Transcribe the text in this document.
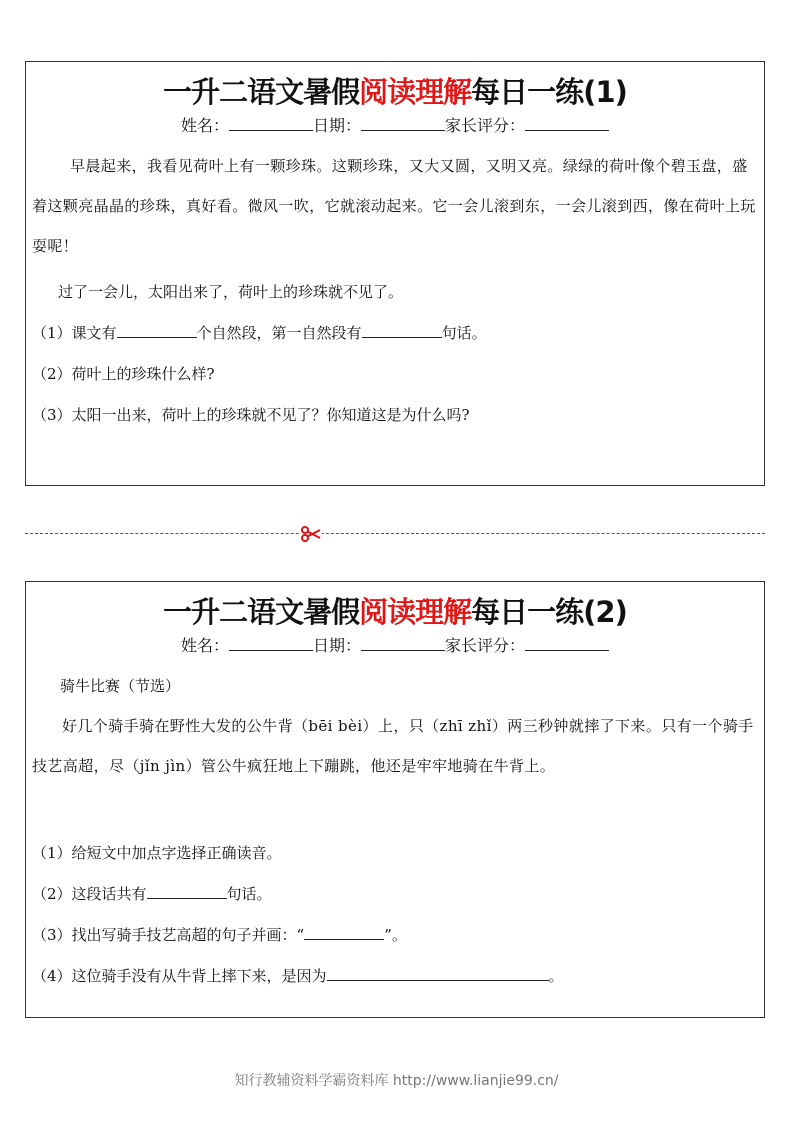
一升二语文暑假阅读理解每日一练(1)
姓名：	日期：	家长评分：

早晨起来，我看见荷叶上有一颗珍珠。这颗珍珠，又大又圆，又明又亮。绿绿的荷叶像个碧玉盘，盛着这颗亮晶晶的珍珠，真好看。微风一吹，它就滚动起来。它一会儿滚到东，一会儿滚到西，像在荷叶上玩耍呢！

过了一会儿，太阳出来了，荷叶上的珍珠就不见了。
（1）课文有	个自然段，第一自然段有	句话。
（2）荷叶上的珍珠什么样?
（3）太阳一出来，荷叶上的珍珠就不见了？你知道这是为什么吗?
一升二语文暑假阅读理解每日一练(2)
姓名：	日期：	家长评分：
骑牛比赛（节选）

好几个骑手骑在野性大发的公牛背（bēi bèi）上，只（zhī zhǐ）两三秒钟就摔了下来。只有一个骑手技艺高超，尽（jǐn jìn）管公牛疯狂地上下蹦跳，他还是牢牢地骑在牛背上。

（1）给短文中加点字选择正确读音。
（2）这段话共有	句话。
（3）找出写骑手技艺高超的句子并画：“	”。
（4）这位骑手没有从牛背上摔下来，是因为	。
知行教辅资料学霸资料库 http://www.lianjie99.cn/
